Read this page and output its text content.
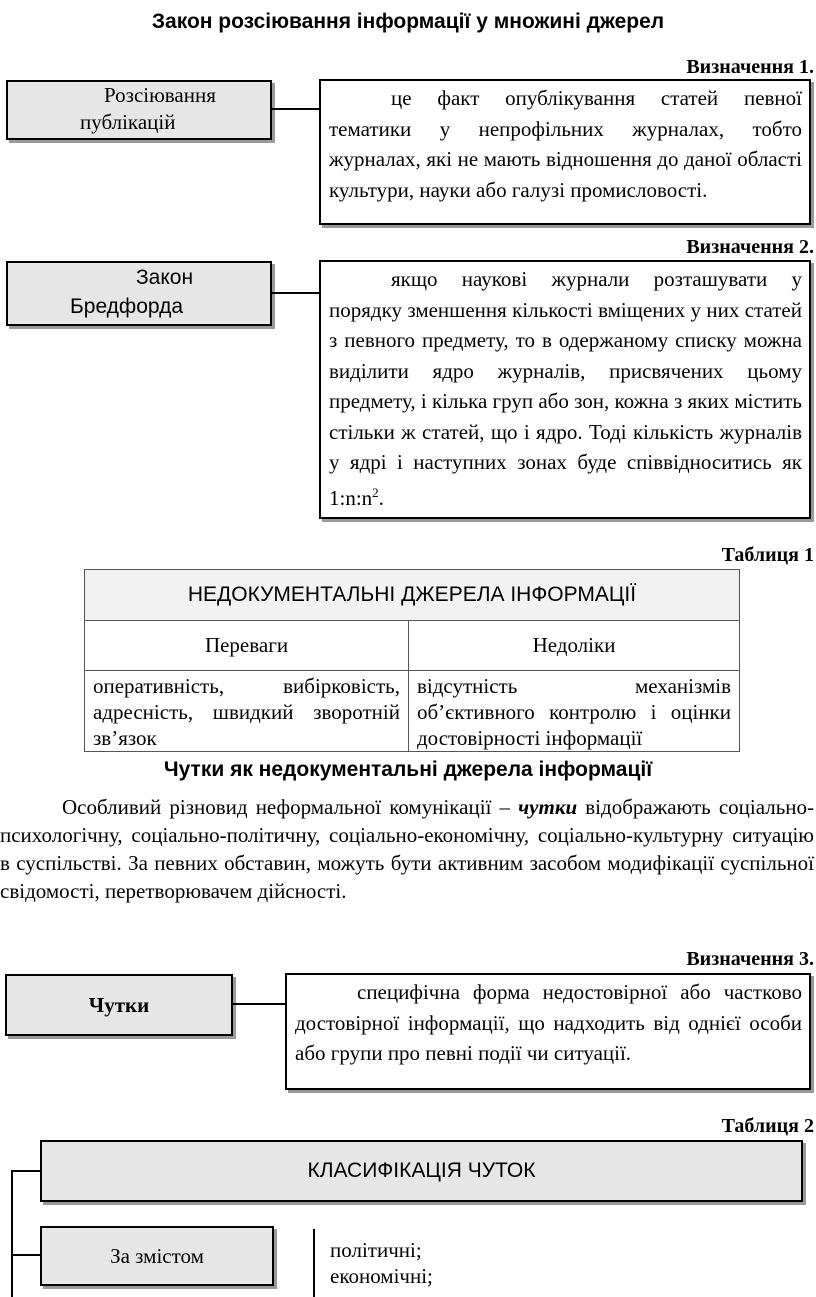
Закон розсіювання інформації у множині джерел
Визначення 1.
Розсіювання
публікацій

це факт опублікування статей певної тематики у непрофільних журналах, тобто журналах, які не мають відношення до даної області культури, науки або галузі промисловості.

Визначення 2.
Закон
Бредфорда

якщо наукові журнали розташувати у порядку зменшення кількості вміщених у них статей з певного предмету, то в одержаному списку можна виділити ядро журналів, присвячених цьому предмету, і кілька груп або зон, кожна з яких містить стільки ж статей, що і ядро. Тоді кількість журналів у ядрі і наступних зонах буде співвідноситись як $1:n:n^2$.

Таблиця 1
НЕДОКУМЕНТАЛЬНІ ДЖЕРЕЛА ІНФОРМАЦІЇ	
Переваги	Недоліки
оперативність, вибірковість, адресність, швидкий зворотній зв’язок	відсутність механізмів об’єктивного контролю і оцінки достовірності інформації
Чутки як недокументальні джерела інформації

Особливий різновид неформальної комунікації – чутки відображають соціально-психологічну, соціально-політичну, соціально-економічну, соціально-культурну ситуацію в суспільстві. За певних обставин, можуть бути активним засобом модифікації суспільної свідомості, перетворювачем дійсності.

Визначення 3.
Чутки

специфічна форма недостовірної або частково достовірної інформації, що надходить від однієї особи або групи про певні події чи ситуації.

Таблиця 2
КЛАСИФІКАЦІЯ ЧУТОК
За змістом	політичні;
економічні;
